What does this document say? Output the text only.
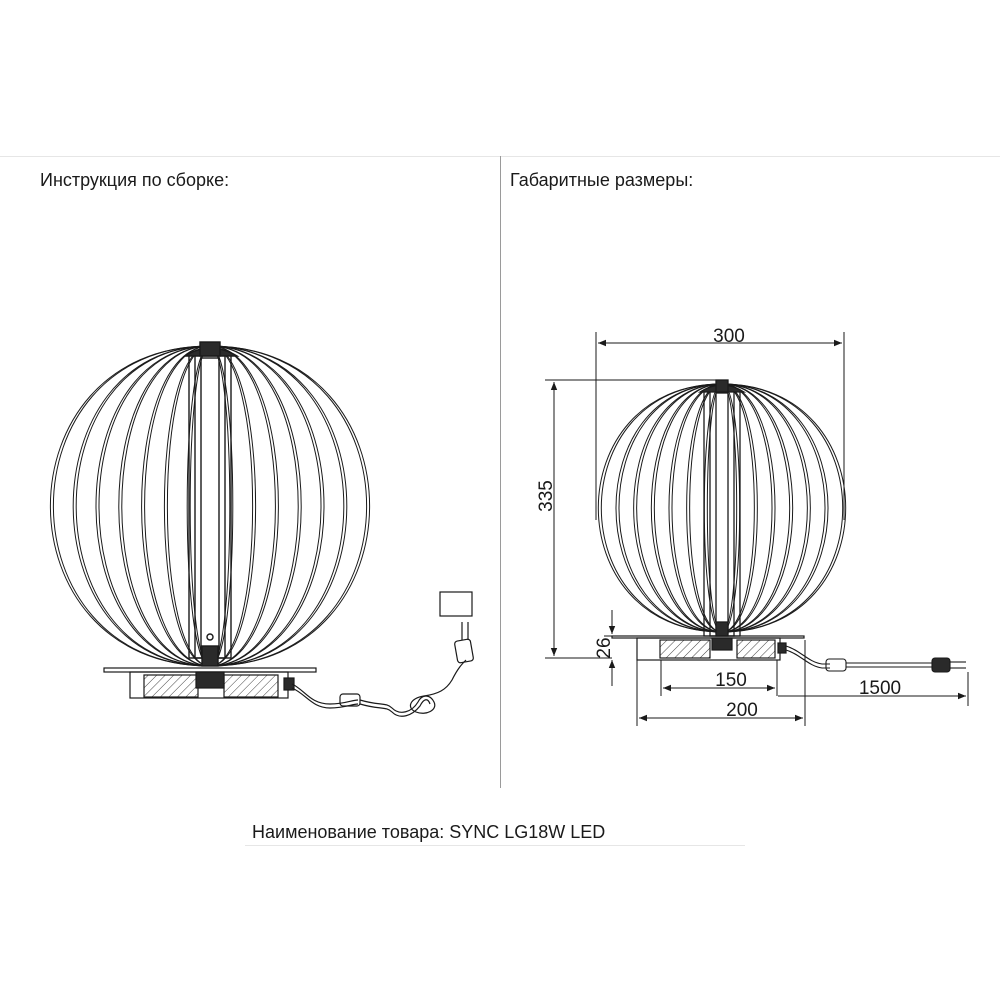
Инструкция по сборке:	Габаритные размеры:
300
335
26
150	1500
200
Наименование товара: SYNC LG18W LED
